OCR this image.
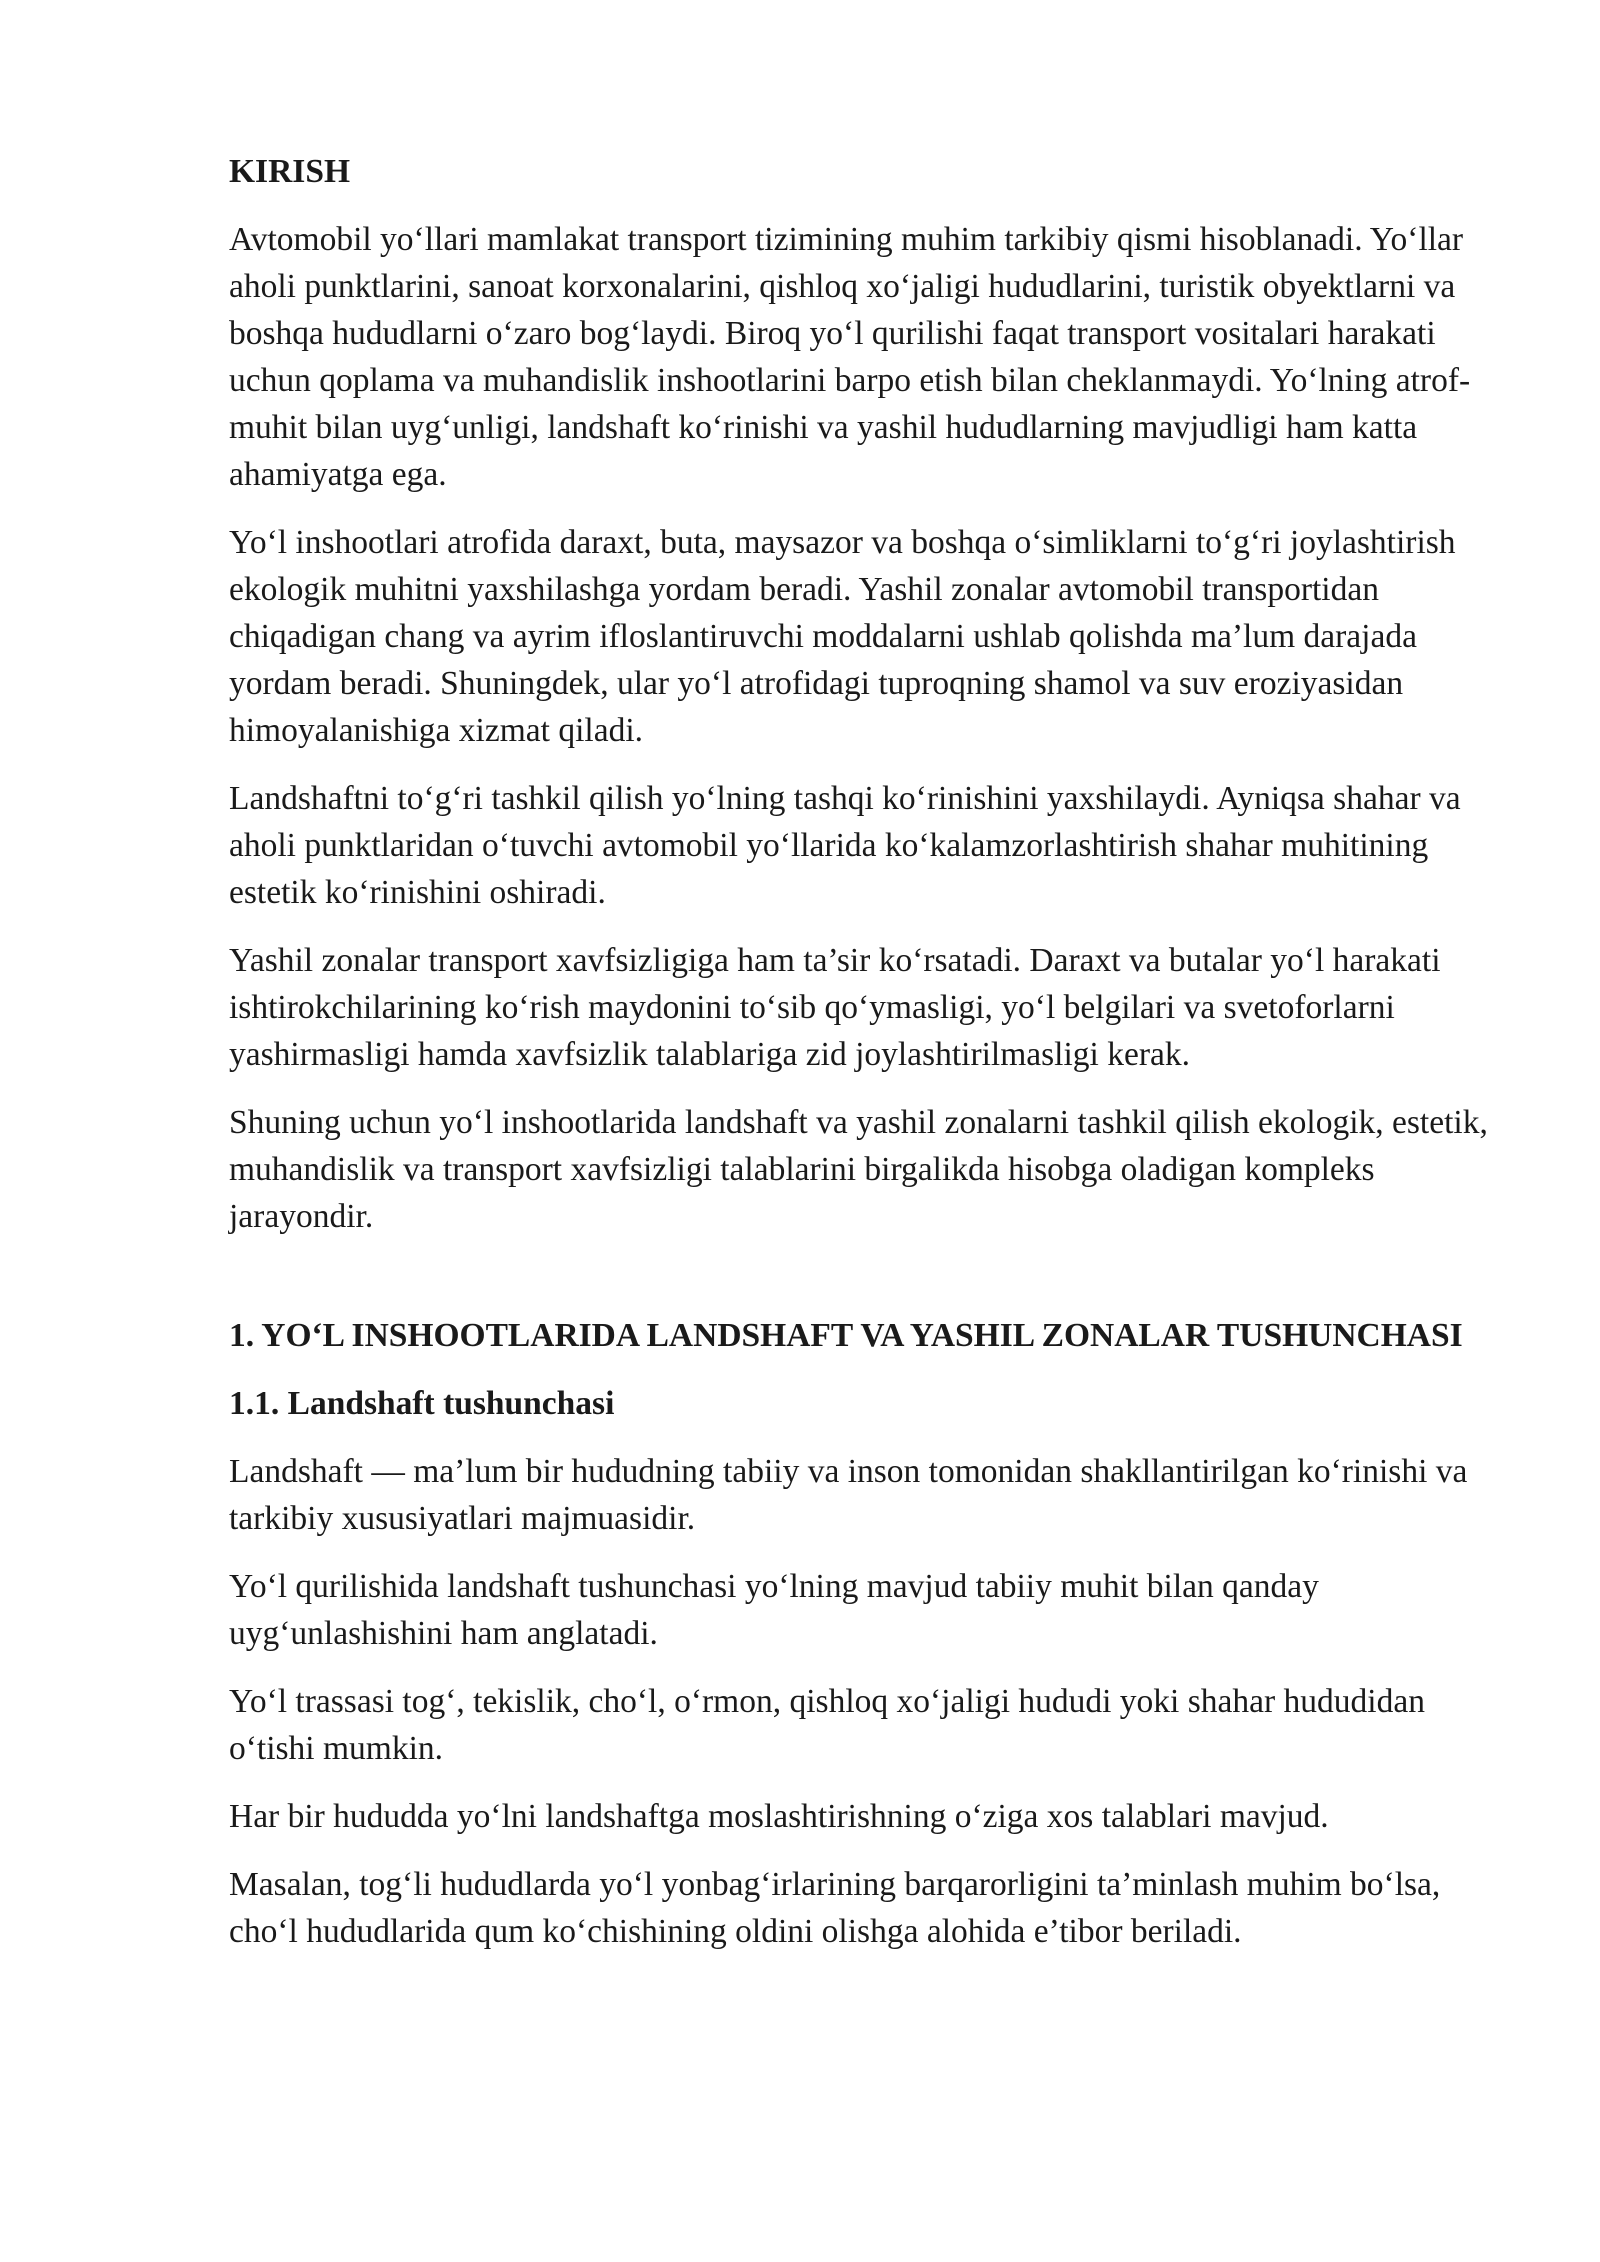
KIRISH

Avtomobil yo‘llari mamlakat transport tizimining muhim tarkibiy qismi hisoblanadi. Yo‘llar aholi punktlarini, sanoat korxonalarini, qishloq xo‘jaligi hududlarini, turistik obyektlarni va boshqa hududlarni o‘zaro bog‘laydi. Biroq yo‘l qurilishi faqat transport vositalari harakati uchun qoplama va muhandislik inshootlarini barpo etish bilan cheklanmaydi. Yo‘lning atrof-muhit bilan uyg‘unligi, landshaft ko‘rinishi va yashil hududlarning mavjudligi ham katta ahamiyatga ega.

Yo‘l inshootlari atrofida daraxt, buta, maysazor va boshqa o‘simliklarni to‘g‘ri joylashtirish ekologik muhitni yaxshilashga yordam beradi. Yashil zonalar avtomobil transportidan chiqadigan chang va ayrim ifloslantiruvchi moddalarni ushlab qolishda ma’lum darajada yordam beradi. Shuningdek, ular yo‘l atrofidagi tuproqning shamol va suv eroziyasidan himoyalanishiga xizmat qiladi.

Landshaftni to‘g‘ri tashkil qilish yo‘lning tashqi ko‘rinishini yaxshilaydi. Ayniqsa shahar va aholi punktlaridan o‘tuvchi avtomobil yo‘llarida ko‘kalamzorlashtirish shahar muhitining estetik ko‘rinishini oshiradi.

Yashil zonalar transport xavfsizligiga ham ta’sir ko‘rsatadi. Daraxt va butalar yo‘l harakati ishtirokchilarining ko‘rish maydonini to‘sib qo‘ymasligi, yo‘l belgilari va svetoforlarni yashirmasligi hamda xavfsizlik talablariga zid joylashtirilmasligi kerak.

Shuning uchun yo‘l inshootlarida landshaft va yashil zonalarni tashkil qilish ekologik, estetik, muhandislik va transport xavfsizligi talablarini birgalikda hisobga oladigan kompleks jarayondir.

1. YO‘L INSHOOTLARIDA LANDSHAFT VA YASHIL ZONALAR TUSHUNCHASI
1.1. Landshaft tushunchasi

Landshaft — ma’lum bir hududning tabiiy va inson tomonidan shakllantirilgan ko‘rinishi va tarkibiy xususiyatlari majmuasidir.

Yo‘l qurilishida landshaft tushunchasi yo‘lning mavjud tabiiy muhit bilan qanday uyg‘unlashishini ham anglatadi.

Yo‘l trassasi tog‘, tekislik, cho‘l, o‘rmon, qishloq xo‘jaligi hududi yoki shahar hududidan o‘tishi mumkin.

Har bir hududda yo‘lni landshaftga moslashtirishning o‘ziga xos talablari mavjud.

Masalan, tog‘li hududlarda yo‘l yonbag‘irlarining barqarorligini ta’minlash muhim bo‘lsa, cho‘l hududlarida qum ko‘chishining oldini olishga alohida e’tibor beriladi.
